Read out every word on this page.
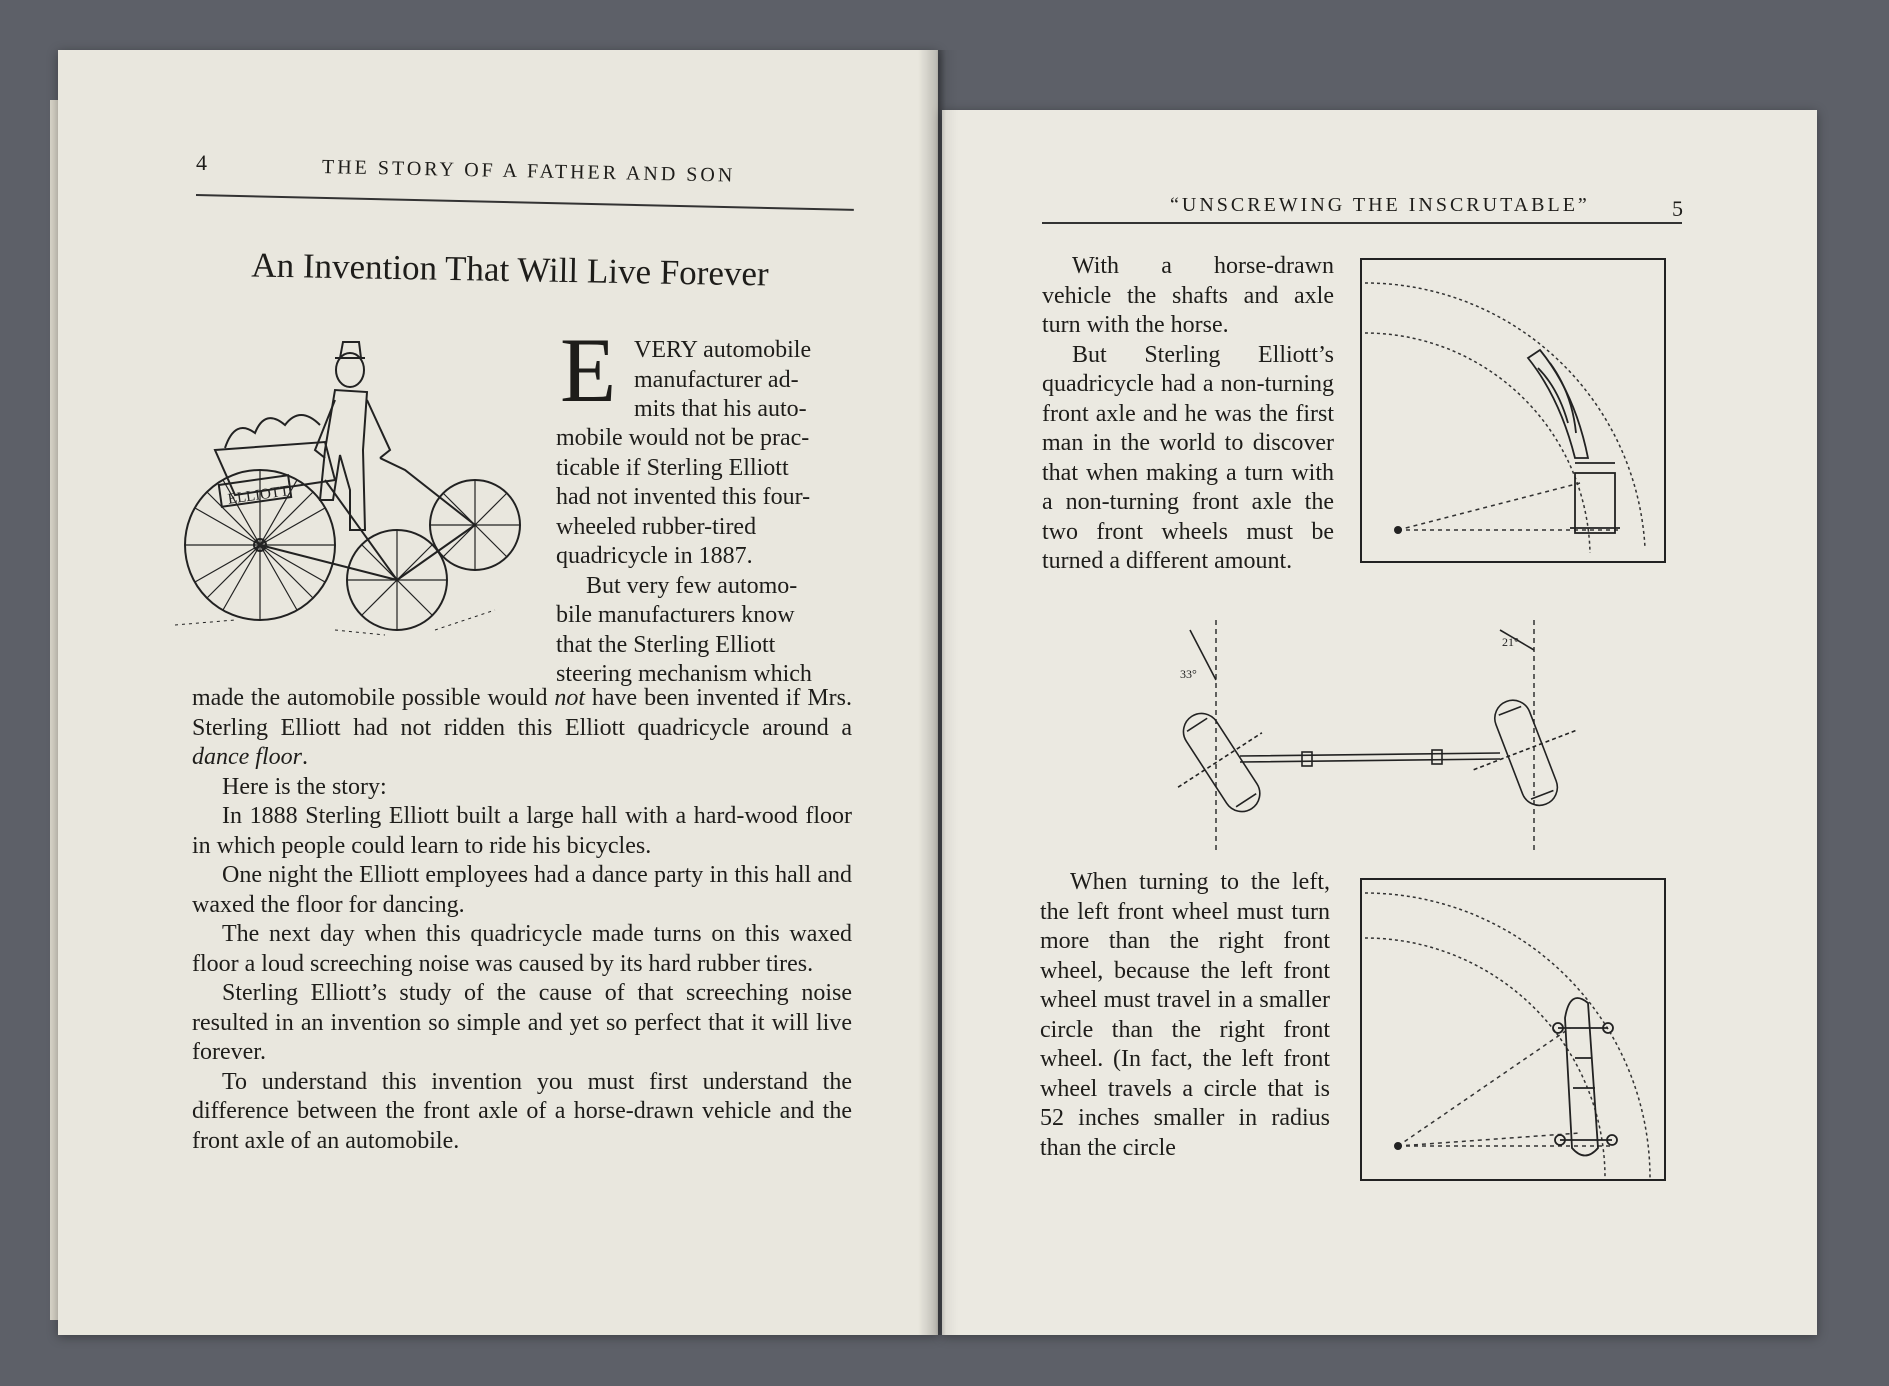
4	THE STORY OF A FATHER AND SON
An Invention That Will Live Forever
ELLIOTT
E VERY automobile
manufacturer ad-
mits that his auto-
mobile would not be prac-
ticable if Sterling Elliott
had not invented this four-
wheeled rubber-tired
quadricycle in 1887.
But very few automo-
bile manufacturers know
that the Sterling Elliott
steering mechanism which

made the automobile possible would not have been invented if Mrs. Sterling Elliott had not ridden this Elliott quadricycle around a dance floor.

Here is the story:

In 1888 Sterling Elliott built a large hall with a hard-wood floor in which people could learn to ride his bicycles.

One night the Elliott employees had a dance party in this hall and waxed the floor for dancing.

The next day when this quadricycle made turns on this waxed floor a loud screeching noise was caused by its hard rubber tires.

Sterling Elliott’s study of the cause of that screeching noise resulted in an invention so simple and yet so perfect that it will live forever.

To understand this invention you must first understand the difference between the front axle of a horse-drawn vehicle and the front axle of an automobile.

“UNSCREWING THE INSCRUTABLE”	5

With a horse-drawn vehicle the shafts and axle turn with the horse.

But Sterling Elliott’s quadricycle had a non-turning front axle and he was the first man in the world to discover that when making a turn with a non-turning front axle the two front wheels must be turned a different amount.

33°
21°

When turning to the left, the left front wheel must turn more than the right front wheel, because the left front wheel must travel in a smaller circle than the right front wheel. (In fact, the left front wheel travels a circle that is 52 inches smaller in radius than the circle
